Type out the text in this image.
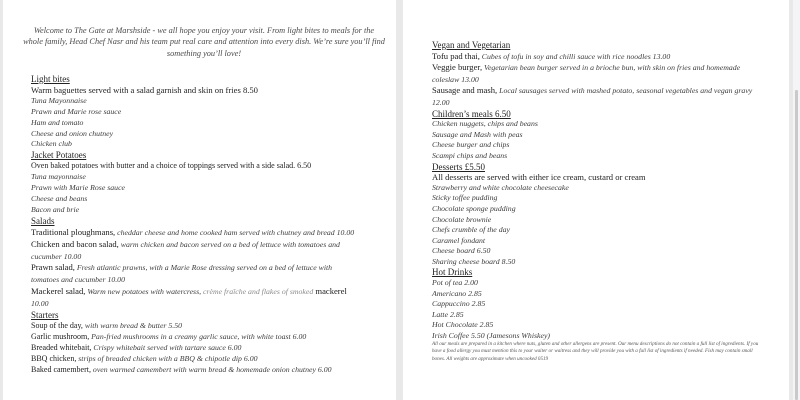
Welcome to The Gate at Marshside - we all hope you enjoy your visit. From light bites to meals for the whole family, Head Chef Nasr and his team put real care and attention into every dish. We’re sure you’ll find something you’ll love!
Light bites
Warm baguettes served with a salad garnish and skin on fries 8.50
Tuna Mayonnaise
Prawn and Marie rose sauce
Ham and tomato
Cheese and onion chutney
Chicken club
Jacket Potatoes
Oven baked potatoes with butter and a choice of toppings served with a side salad. 6.50
Tuna mayonnaise
Prawn with Marie Rose sauce
Cheese and beans
Bacon and brie
Salads
Traditional ploughmans, cheddar cheese and home cooked ham served with chutney and bread 10.00
Chicken and bacon salad, warm chicken and bacon served on a bed of lettuce with tomatoes and cucumber 10.00
Prawn salad, Fresh atlantic prawns, with a Marie Rose dressing served on a bed of lettuce with tomatoes and cucumber 10.00
Mackerel salad, Warm new potatoes with watercress, crème fraîche and flakes of smoked mackerel 10.00
Starters
Soup of the day, with warm bread & butter 5.50
Garlic mushroom, Pan-fried mushrooms in a creamy garlic sauce, with white toast 6.00
Breaded whitebait, Crispy whitebait served with tartare sauce 6.00
BBQ chicken, strips of breaded chicken with a BBQ & chipotle dip 6.00
Baked camembert, oven warmed camembert with warm bread & homemade onion chutney 6.00
Vegan and Vegetarian
Tofu pad thai, Cubes of tofu in soy and chilli sauce with rice noodles 13.00
Veggie burger, Vegetarian bean burger served in a brioche bun, with skin on fries and homemade coleslaw 13.00
Sausage and mash, Local sausages served with mashed potato, seasonal vegetables and vegan gravy 12.00
Children’s meals 6.50
Chicken nuggets, chips and beans
Sausage and Mash with peas
Cheese burger and chips
Scampi chips and beans
Desserts £5.50
All desserts are served with either ice cream, custard or cream
Strawberry and white chocolate cheesecake
Sticky toffee pudding
Chocolate sponge pudding
Chocolate brownie
Chefs crumble of the day
Caramel fondant
Cheese board 6.50
Sharing cheese board 8.50
Hot Drinks
Pot of tea 2.00
Americano 2.85
Cappuccino 2.85
Latte 2.85
Hot Chocolate 2.85
Irish Coffee 5.50 (Jamesons Whiskey)
All our meals are prepared in a kitchen where nuts, gluten and other allergens are present. Our menu descriptions do not contain a full list of ingredients. If you have a food allergy you must mention this to your waiter or waitress and they will provide you with a full list of ingredients if needed. Fish may contain small bones. All weights are approximate when uncooked 0519
